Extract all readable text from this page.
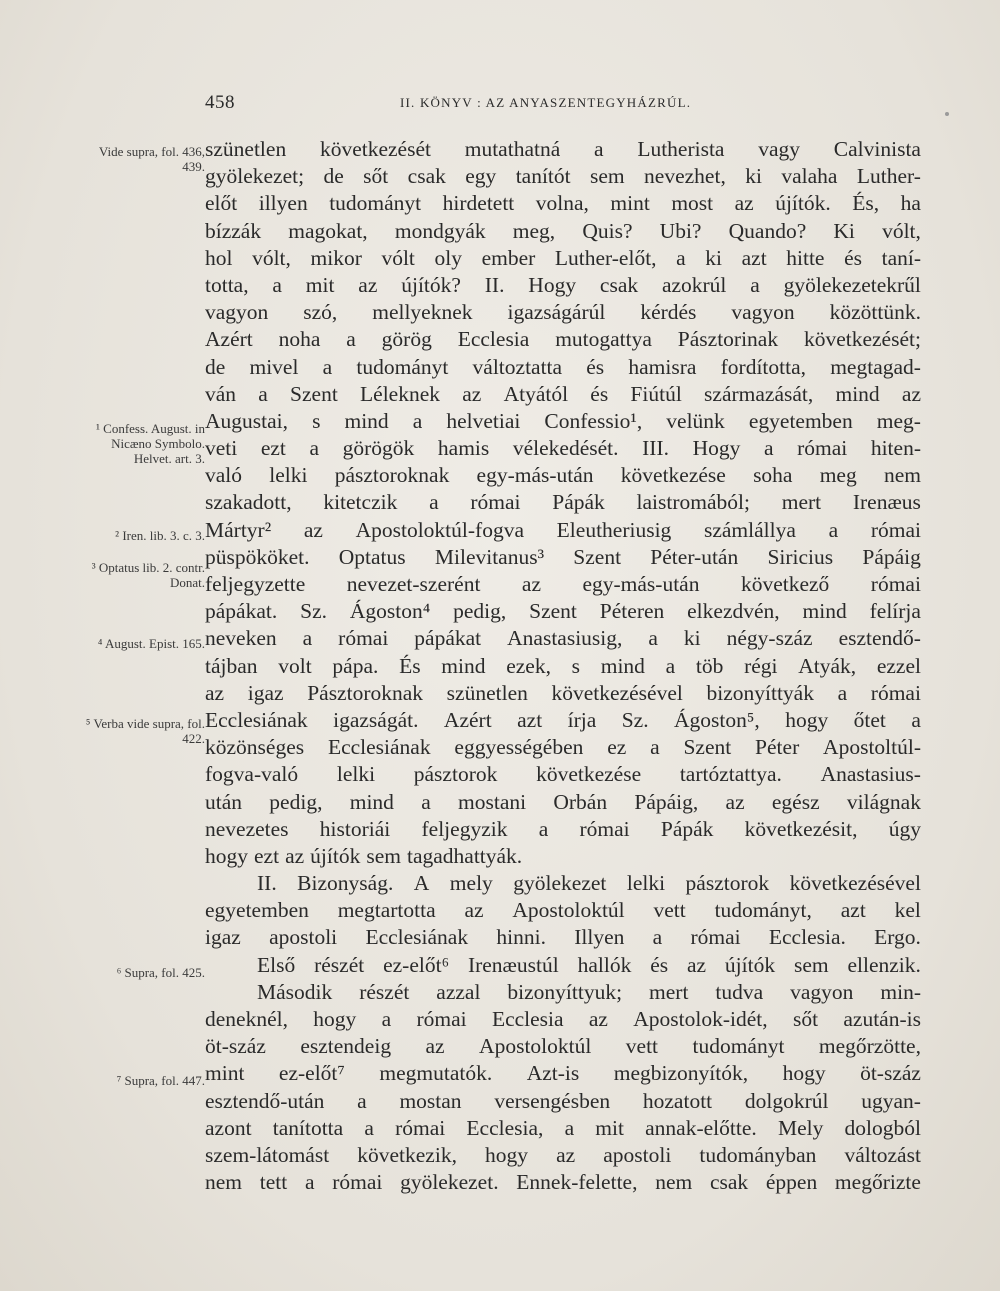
458	II. KÖNYV : AZ ANYASZENTEGYHÁZRÚL.
Vide supra, fol. 436, 439.
¹ Confess. August. in Nicæno Symbolo. Helvet. art. 3.
² Iren. lib. 3. c. 3.
³ Optatus lib. 2. contr. Donat.
⁴ August. Epist. 165.
⁵ Verba vide supra, fol. 422.
⁶ Supra, fol. 425.
⁷ Supra, fol. 447.
szünetlen következését mutathatná a Lutherista vagy Calvinista
gyölekezet; de sőt csak egy tanítót sem nevezhet, ki valaha Luther-
előt illyen tudományt hirdetett volna, mint most az újítók. És, ha
bízzák magokat, mondgyák meg, Quis? Ubi? Quando? Ki vólt,
hol vólt, mikor vólt oly ember Luther-előt, a ki azt hitte és taní-
totta, a mit az újítók? II. Hogy csak azokrúl a gyölekezetekrűl
vagyon szó, mellyeknek igazságárúl kérdés vagyon közöttünk.
Azért noha a görög Ecclesia mutogattya Pásztorinak következését;
de mivel a tudományt változtatta és hamisra fordította, megtagad-
ván a Szent Léleknek az Atyától és Fiútúl származását, mind az
Augustai, s mind a helvetiai Confessio¹, velünk egyetemben meg-
veti ezt a görögök hamis vélekedését. III. Hogy a római hiten-
való lelki pásztoroknak egy-más-után következése soha meg nem
szakadott, kitetczik a római Pápák laistromából; mert Irenæus
Mártyr² az Apostoloktúl-fogva Eleutheriusig számlállya a római
püspököket. Optatus Milevitanus³ Szent Péter-után Siricius Pápáig
feljegyzette nevezet-szerént az egy-más-után következő római
pápákat. Sz. Ágoston⁴ pedig, Szent Péteren elkezdvén, mind felírja
neveken a római pápákat Anastasiusig, a ki négy-száz esztendő-
tájban volt pápa. És mind ezek, s mind a töb régi Atyák, ezzel
az igaz Pásztoroknak szünetlen következésével bizonyíttyák a római
Ecclesiának igazságát. Azért azt írja Sz. Ágoston⁵, hogy őtet a
közönséges Ecclesiának eggyességében ez a Szent Péter Apostoltúl-
fogva-való lelki pásztorok következése tartóztattya. Anastasius-
után pedig, mind a mostani Orbán Pápáig, az egész világnak
nevezetes historiái feljegyzik a római Pápák következésit, úgy
hogy ezt az újítók sem tagadhattyák.
II. Bizonyság. A mely gyölekezet lelki pásztorok következésével
egyetemben megtartotta az Apostoloktúl vett tudományt, azt kel
igaz apostoli Ecclesiának hinni. Illyen a római Ecclesia. Ergo.
Első részét ez-előt⁶ Irenæustúl hallók és az újítók sem ellenzik.
Második részét azzal bizonyíttyuk; mert tudva vagyon min-
deneknél, hogy a római Ecclesia az Apostolok-idét, sőt azután-is
öt-száz esztendeig az Apostoloktúl vett tudományt megőrzötte,
mint ez-előt⁷ megmutatók. Azt-is megbizonyítók, hogy öt-száz
esztendő-után a mostan versengésben hozatott dolgokrúl ugyan-
azont tanította a római Ecclesia, a mit annak-előtte. Mely dologból
szem-látomást következik, hogy az apostoli tudományban változást
nem tett a római gyölekezet. Ennek-felette, nem csak éppen megőrizte
